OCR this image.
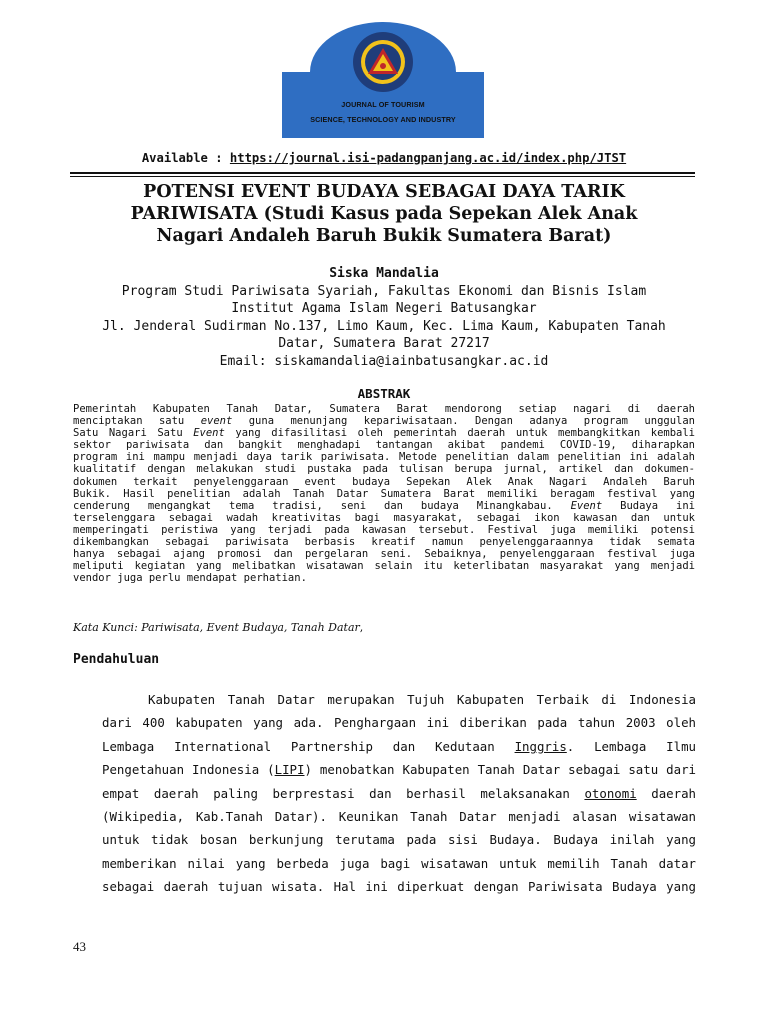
JOURNAL OF TOURISM
SCIENCE, TECHNOLOGY AND INDUSTRY
Available : https://journal.isi-padangpanjang.ac.id/index.php/JTST
POTENSI EVENT BUDAYA SEBAGAI DAYA TARIK
PARIWISATA (Studi Kasus pada Sepekan Alek Anak
Nagari Andaleh Baruh Bukik Sumatera Barat)
Siska Mandalia
Program Studi Pariwisata Syariah, Fakultas Ekonomi dan Bisnis Islam
Institut Agama Islam Negeri Batusangkar
Jl. Jenderal Sudirman No.137, Limo Kaum, Kec. Lima Kaum, Kabupaten Tanah
Datar, Sumatera Barat 27217
Email: siskamandalia@iainbatusangkar.ac.id
ABSTRAK
Pemerintah Kabupaten Tanah Datar, Sumatera Barat mendorong setiap nagari di daerah
menciptakan satu event guna menunjang kepariwisataan. Dengan adanya program unggulan
Satu Nagari Satu Event yang difasilitasi oleh pemerintah daerah untuk membangkitkan kembali
sektor pariwisata dan bangkit menghadapi tantangan akibat pandemi COVID-19, diharapkan
program ini mampu menjadi daya tarik pariwisata. Metode penelitian dalam penelitian ini adalah
kualitatif dengan melakukan studi pustaka pada tulisan berupa jurnal, artikel dan dokumen-
dokumen terkait penyelenggaraan event budaya Sepekan Alek Anak Nagari Andaleh Baruh
Bukik. Hasil penelitian adalah Tanah Datar Sumatera Barat memiliki beragam festival yang
cenderung mengangkat tema tradisi, seni dan budaya Minangkabau. Event Budaya ini
terselenggara sebagai wadah kreativitas bagi masyarakat, sebagai ikon kawasan dan untuk
memperingati peristiwa yang terjadi pada kawasan tersebut. Festival juga memiliki potensi
dikembangkan sebagai pariwisata berbasis kreatif namun penyelenggaraannya tidak semata
hanya sebagai ajang promosi dan pergelaran seni. Sebaiknya, penyelenggaraan festival juga
meliputi kegiatan yang melibatkan wisatawan selain itu keterlibatan masyarakat yang menjadi
vendor juga perlu mendapat perhatian.
Kata Kunci: Pariwisata, Event Budaya, Tanah Datar,
Pendahuluan
Kabupaten Tanah Datar merupakan Tujuh Kabupaten Terbaik di Indonesia
dari 400 kabupaten yang ada. Penghargaan ini diberikan pada tahun 2003 oleh
Lembaga International Partnership dan Kedutaan Inggris. Lembaga Ilmu
Pengetahuan Indonesia (LIPI) menobatkan Kabupaten Tanah Datar sebagai satu dari
empat daerah paling berprestasi dan berhasil melaksanakan otonomi daerah
(Wikipedia, Kab.Tanah Datar). Keunikan Tanah Datar menjadi alasan wisatawan
untuk tidak bosan berkunjung terutama pada sisi Budaya. Budaya inilah yang
memberikan nilai yang berbeda juga bagi wisatawan untuk memilih Tanah datar
sebagai daerah tujuan wisata. Hal ini diperkuat dengan Pariwisata Budaya yang
43
